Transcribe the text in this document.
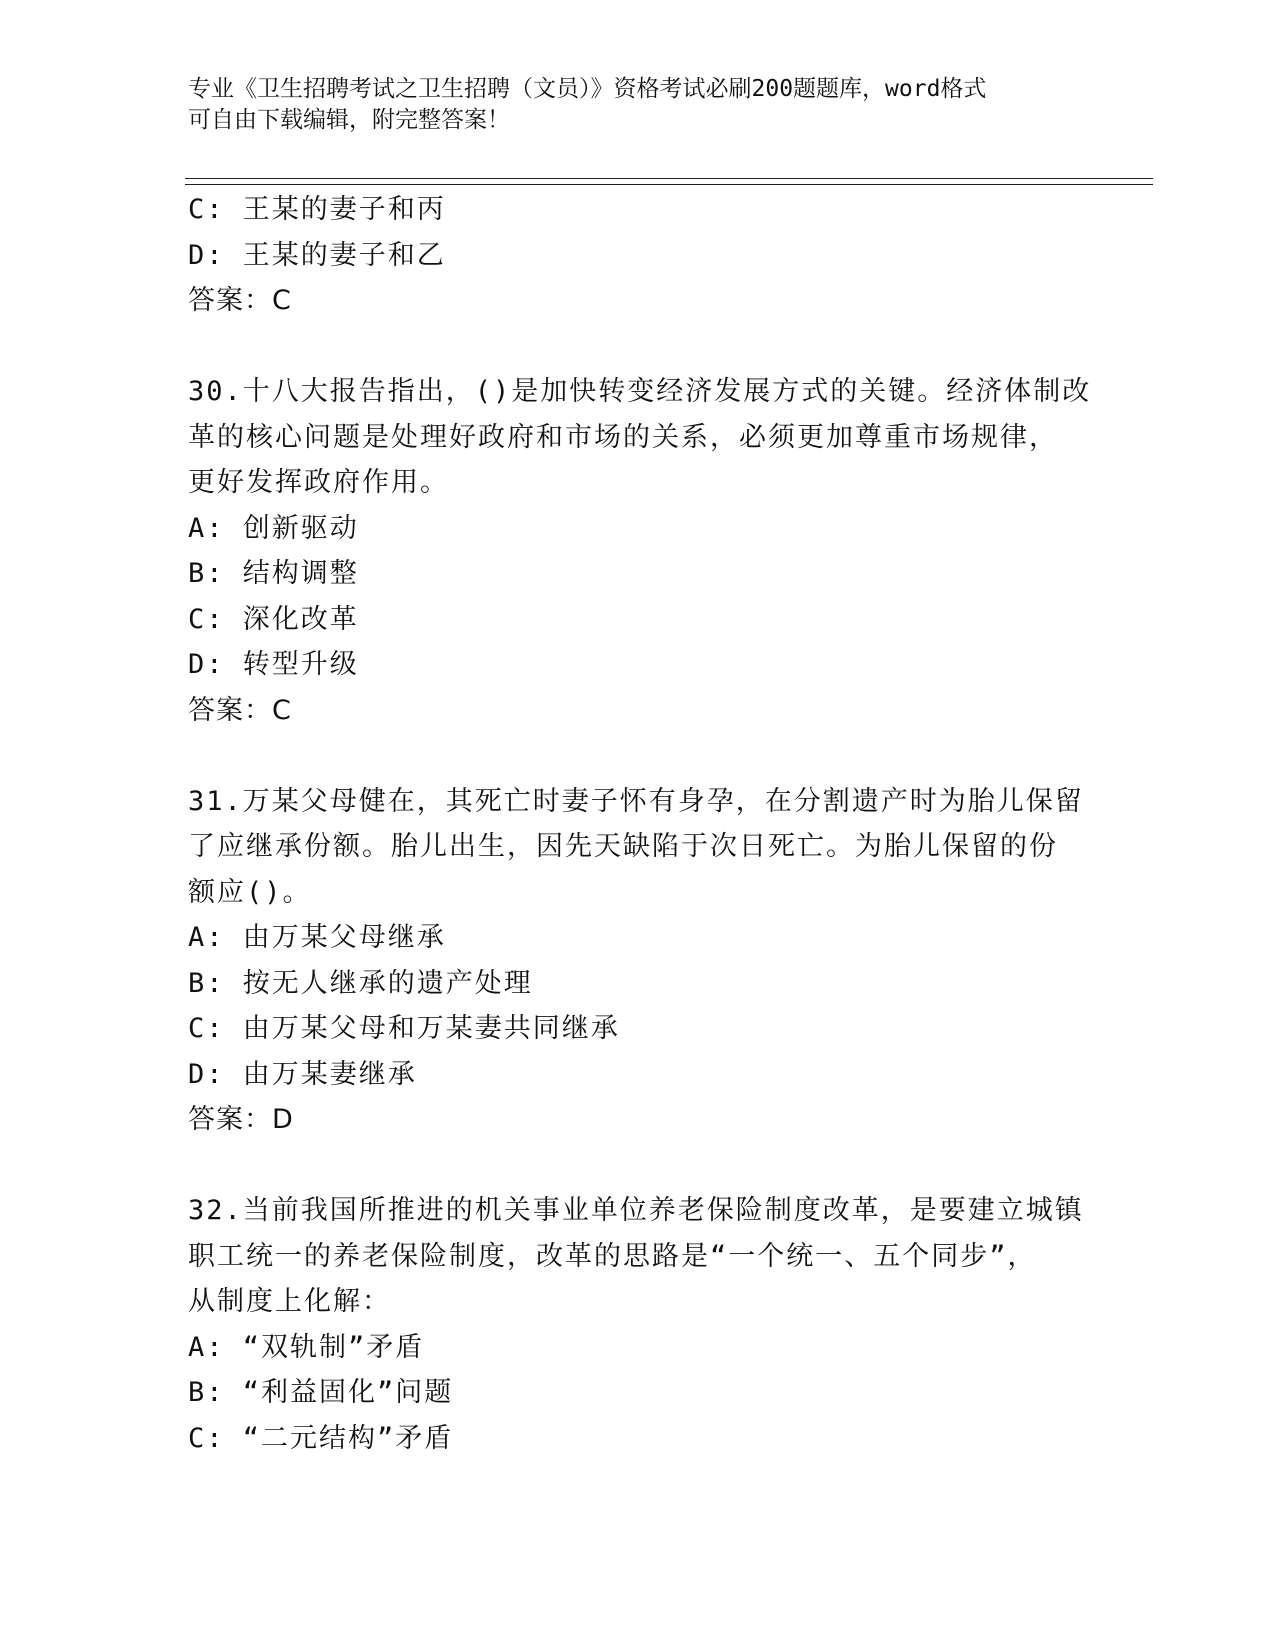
专业《卫生招聘考试之卫生招聘（文员）》资格考试必刷200题题库，word格式
可自由下载编辑，附完整答案！
C: 王某的妻子和丙
D: 王某的妻子和乙
答案：C
30.十八大报告指出，()是加快转变经济发展方式的关键。经济体制改
革的核心问题是处理好政府和市场的关系，必须更加尊重市场规律，
更好发挥政府作用。
A: 创新驱动
B: 结构调整
C: 深化改革
D: 转型升级
答案：C
31.万某父母健在，其死亡时妻子怀有身孕，在分割遗产时为胎儿保留
了应继承份额。胎儿出生，因先天缺陷于次日死亡。为胎儿保留的份
额应()。
A: 由万某父母继承
B: 按无人继承的遗产处理
C: 由万某父母和万某妻共同继承
D: 由万某妻继承
答案：D
32.当前我国所推进的机关事业单位养老保险制度改革，是要建立城镇
职工统一的养老保险制度，改革的思路是“一个统一、五个同步”，
从制度上化解：
A: “双轨制”矛盾
B: “利益固化”问题
C: “二元结构”矛盾
